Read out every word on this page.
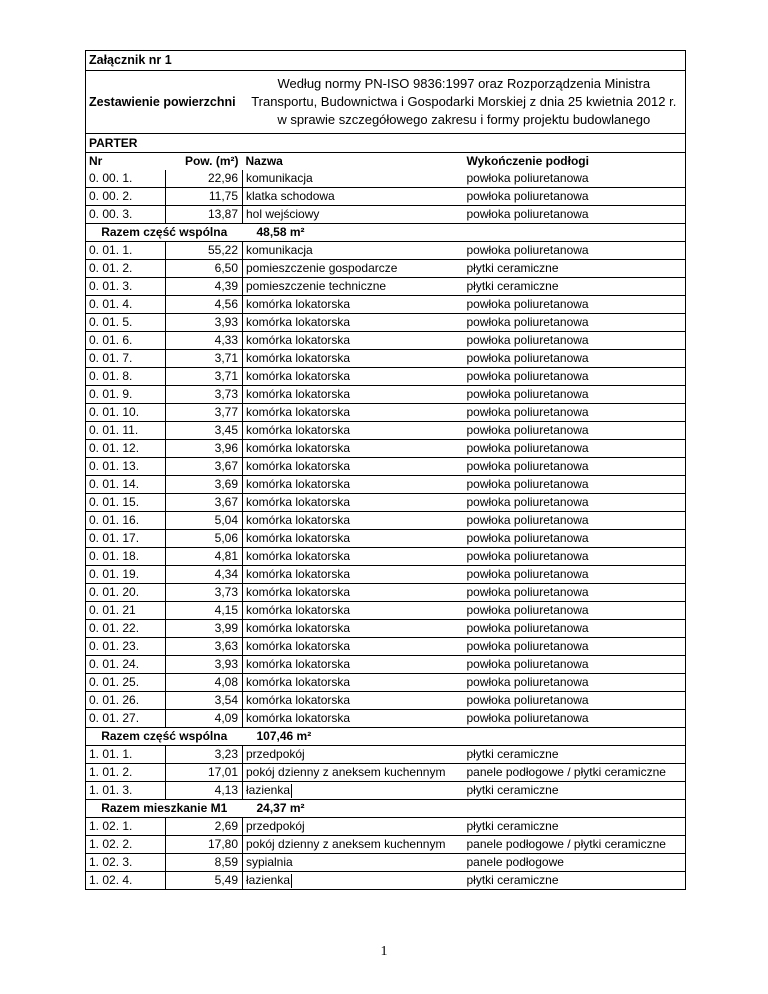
Załącznik nr 1			
Zestawienie powierzchni		Według normy PN-ISO 9836:1997 oraz Rozporządzenia Ministra Transportu, Budownictwa i Gospodarki Morskiej z dnia 25 kwietnia 2012 r. w sprawie szczegółowego zakresu i formy projektu budowlanego	
PARTER			
Nr	Pow. (m²)	Nazwa	Wykończenie podłogi
0. 00. 1.	22,96	komunikacja	powłoka poliuretanowa
0. 00. 2.	11,75	klatka schodowa	powłoka poliuretanowa
0. 00. 3.	13,87	hol wejściowy	powłoka poliuretanowa
Razem część wspólna		48,58 m²	
0. 01. 1.	55,22	komunikacja	powłoka poliuretanowa
0. 01. 2.	6,50	pomieszczenie gospodarcze	płytki ceramiczne
0. 01. 3.	4,39	pomieszczenie techniczne	płytki ceramiczne
0. 01. 4.	4,56	komórka lokatorska	powłoka poliuretanowa
0. 01. 5.	3,93	komórka lokatorska	powłoka poliuretanowa
0. 01. 6.	4,33	komórka lokatorska	powłoka poliuretanowa
0. 01. 7.	3,71	komórka lokatorska	powłoka poliuretanowa
0. 01. 8.	3,71	komórka lokatorska	powłoka poliuretanowa
0. 01. 9.	3,73	komórka lokatorska	powłoka poliuretanowa
0. 01. 10.	3,77	komórka lokatorska	powłoka poliuretanowa
0. 01. 11.	3,45	komórka lokatorska	powłoka poliuretanowa
0. 01. 12.	3,96	komórka lokatorska	powłoka poliuretanowa
0. 01. 13.	3,67	komórka lokatorska	powłoka poliuretanowa
0. 01. 14.	3,69	komórka lokatorska	powłoka poliuretanowa
0. 01. 15.	3,67	komórka lokatorska	powłoka poliuretanowa
0. 01. 16.	5,04	komórka lokatorska	powłoka poliuretanowa
0. 01. 17.	5,06	komórka lokatorska	powłoka poliuretanowa
0. 01. 18.	4,81	komórka lokatorska	powłoka poliuretanowa
0. 01. 19.	4,34	komórka lokatorska	powłoka poliuretanowa
0. 01. 20.	3,73	komórka lokatorska	powłoka poliuretanowa
0. 01. 21	4,15	komórka lokatorska	powłoka poliuretanowa
0. 01. 22.	3,99	komórka lokatorska	powłoka poliuretanowa
0. 01. 23.	3,63	komórka lokatorska	powłoka poliuretanowa
0. 01. 24.	3,93	komórka lokatorska	powłoka poliuretanowa
0. 01. 25.	4,08	komórka lokatorska	powłoka poliuretanowa
0. 01. 26.	3,54	komórka lokatorska	powłoka poliuretanowa
0. 01. 27.	4,09	komórka lokatorska	powłoka poliuretanowa
Razem część wspólna		107,46 m²	
1. 01. 1.	3,23	przedpokój	płytki ceramiczne
1. 01. 2.	17,01	pokój dzienny z aneksem kuchennym	panele podłogowe / płytki ceramiczne
1. 01. 3.	4,13	łazienka	płytki ceramiczne
Razem mieszkanie M1		24,37 m²	
1. 02. 1.	2,69	przedpokój	płytki ceramiczne
1. 02. 2.	17,80	pokój dzienny z aneksem kuchennym	panele podłogowe / płytki ceramiczne
1. 02. 3.	8,59	sypialnia	panele podłogowe
1. 02. 4.	5,49	łazienka	płytki ceramiczne
1
